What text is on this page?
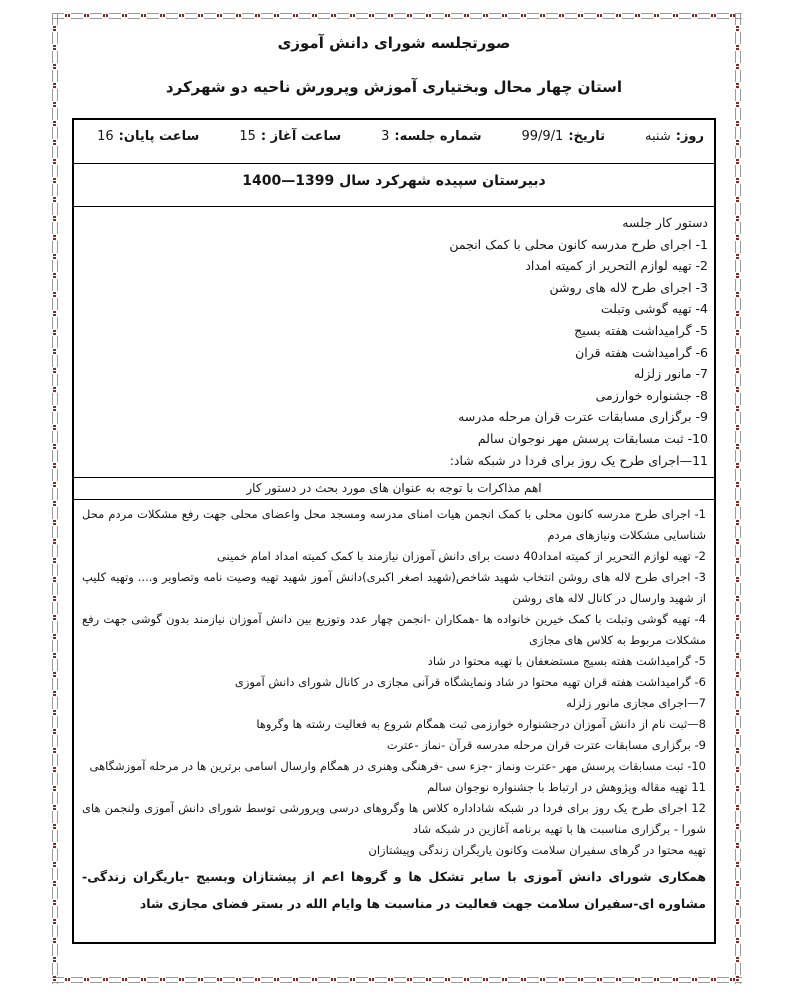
صورتجلسه شورای دانش آموزی
استان چهار محال وبختیاری آموزش وپرورش ناحیه دو شهرکرد
روز:
شنبه
تاریخ:
99/9/1
شماره جلسه:
3
ساعت آغاز :
15
ساعت پایان:
16
دبیرستان سپیده شهرکرد سال 1399—1400
دستور کار جلسه
1- اجرای طرح مدرسه کانون محلی با کمک انجمن
2- تهیه لوازم التحریر از کمیته امداد
3- اجرای طرح لاله های روشن
4- تهیه گوشی وتبلت
5- گرامیداشت هفته بسیج
6- گرامیداشت هفته قران
7- مانور زلزله
8- جشنواره خوارزمی
9- برگزاری مسابقات عترت قران مرحله مدرسه
10- ثبت مسابقات پرسش مهر نوجوان سالم
11—اجرای طرح یک روز برای فردا در شبکه شاد:
اهم مذاکرات با توجه به عنوان های مورد بحث در دستور کار
1- اجرای طرح مدرسه کانون محلی با کمک انجمن هیات امنای مدرسه ومسجد محل واعضای محلی جهت رفع مشکلات مردم محل شناسایی مشکلات ونیازهای مردم
2- تهیه لوازم التحریر از کمیته امداد40 دست برای دانش آموزان نیازمند با کمک کمیته امداد امام خمینی
3- اجرای طرح لاله های روشن انتخاب شهید شاخص(شهید اصغر اکبری)دانش آموز شهید تهیه وصیت نامه وتصاویر و.... وتهیه کلیپ از شهید وارسال در کانال لاله های روشن
4- تهیه گوشی وتبلت با کمک خیرین خانواده ها -همکاران -انجمن چهار عدد وتوزیع بین دانش آموزان نیازمند بدون گوشی جهت رفع مشکلات مربوط به کلاس های مجازی
5- گرامیداشت هفته بسیج مستضعفان با تهیه محتوا در شاد
6- گرامیداشت هفته قران تهیه محتوا در شاد ونمایشگاه قرآنی مجازی در کانال شورای دانش آموزی
7—اجرای مجازی مانور زلزله
8—ثبت نام از دانش آموزان درجشنواره خوارزمی ثبت همگام شروع به فعالیت رشته ها وگروها
9- برگزاری مسابقات عترت قران مرحله مدرسه قرآن -نماز -عترت
10- ثبت مسابقات پرسش مهر -عترت ونماز -جزء سی -فرهنگی وهنری در همگام وارسال اسامی برترین ها در مرحله آموزشگاهی
11 تهیه مقاله وپژوهش در ارتباط با جشنواره نوجوان سالم
12 اجرای طرح یک روز برای فردا در شبکه شاداداره کلاس ها وگروهای درسی وپرورشی توسط شورای دانش آموزی ولنجمن های شورا - برگزاری مناسبت ها با تهیه برنامه آغازین در شبکه شاد
تهیه محتوا در گرهای سفیران سلامت وکانون یاریگران زندگی وپیشتازان
همکاری شورای دانش آموزی با سایر تشکل ها و گروها اعم از پیشتازان وبسیج -یاریگران زندگی-مشاوره ای-سفیران سلامت جهت فعالیت در مناسبت ها وایام الله در بستر فضای مجازی شاد
